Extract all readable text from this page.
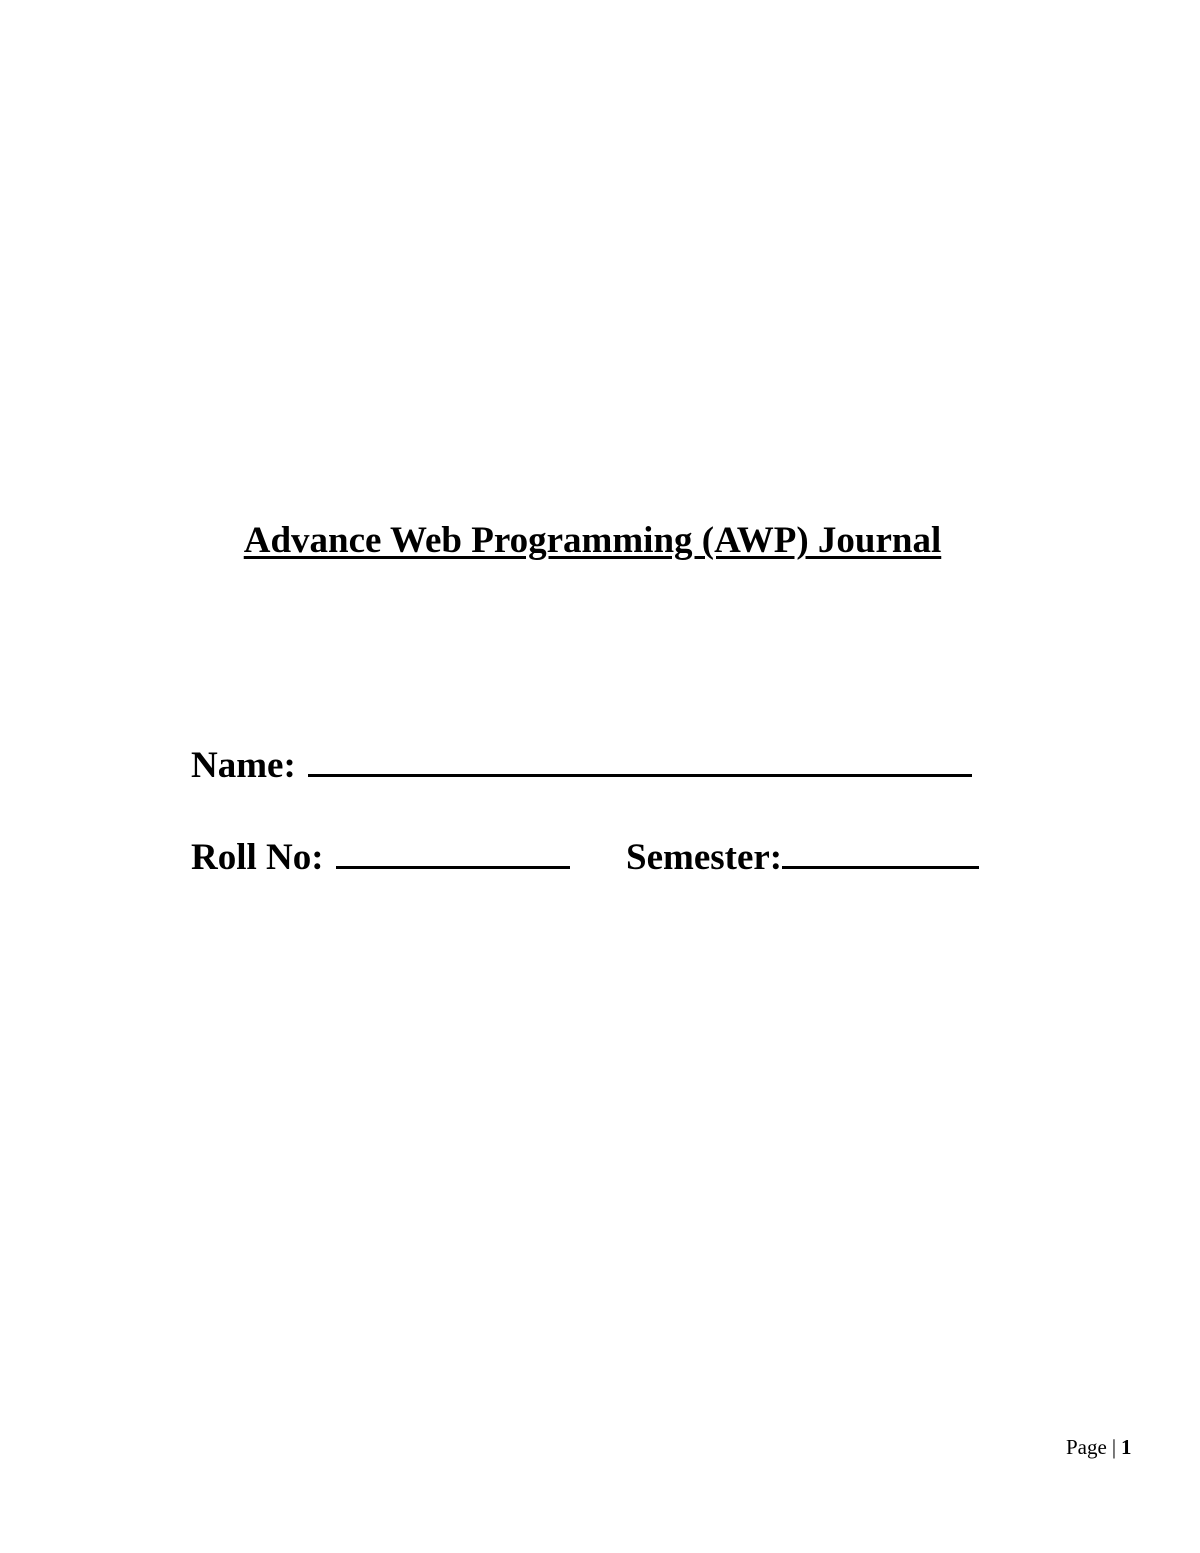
Advance Web Programming (AWP) Journal
Name:
Roll No:	Semester:
Page | 1
